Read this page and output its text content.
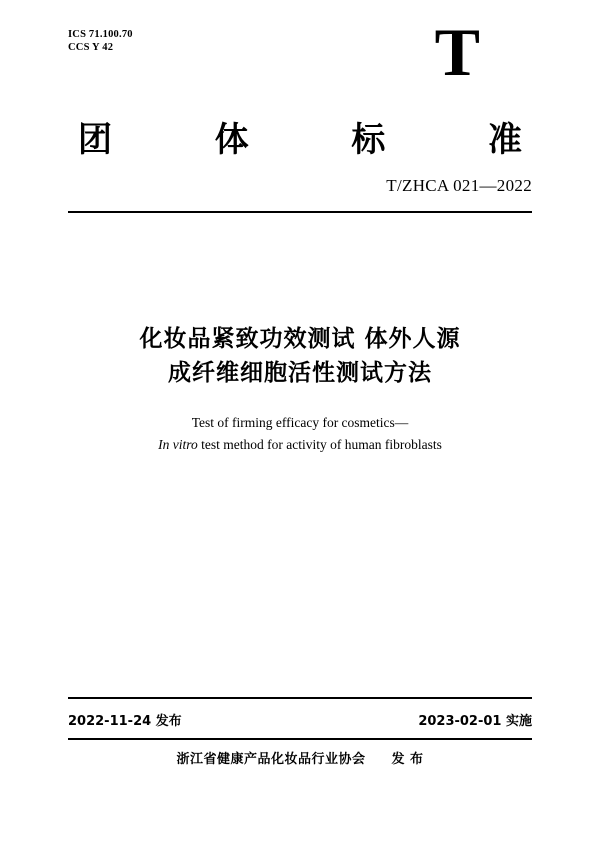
ICS 71.100.70
CCS Y 42	T
团	体	标	准
T/ZHCA 021—2022
化妆品紧致功效测试 体外人源
成纤维细胞活性测试方法
Test of firming efficacy for cosmetics—
In vitro test method for activity of human fibroblasts
2022-11-24 发布	2023-02-01 实施
浙江省健康产品化妆品行业协会 发 布
